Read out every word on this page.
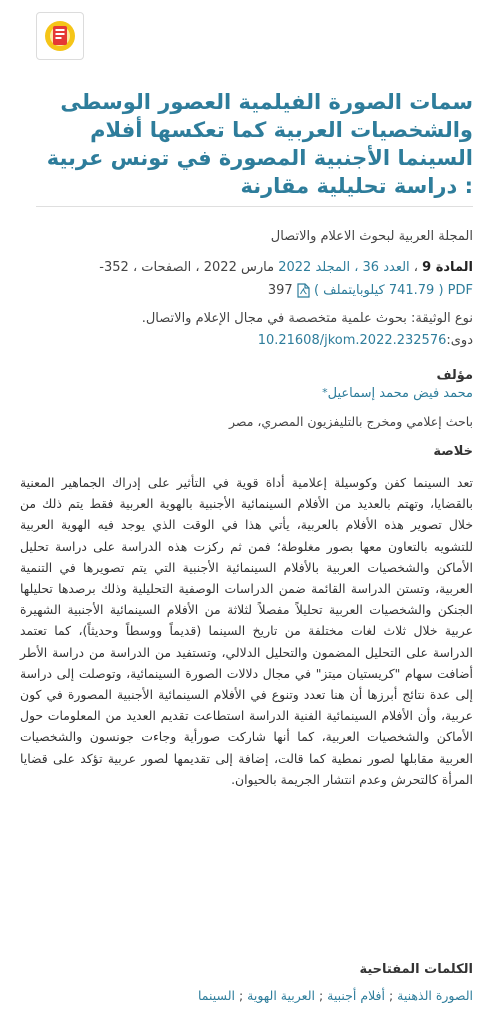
سمات الصورة الفيلمية العصور الوسطى والشخصيات العربية كما تعكسها أفلام السينما الأجنبية المصورة في تونس عربية : دراسة تحليلية مقارنة
المجلة العربية لبحوث الاعلام والاتصال
المادة 9 ، العدد 36 ، المجلد 2022 مارس 2022 ، الصفحات ، 352-
PDF ( 741.79 كيلوبايتملف )  397
نوع الوثيقة: بحوث علمية متخصصة في مجال الإعلام والاتصال.
دوى:10.21608/jkom.2022.232576
مؤلف
محمد فيض محمد إسماعيل*
باحث إعلامي ومخرج بالتليفزيون المصري، مصر
خلاصة

تعد السينما كفن وكوسيلة إعلامية أداة قوية في التأثير على إدراك الجماهير المعنية بالقضايا، وتهتم بالعديد من الأفلام السينمائية الأجنبية بالهوية العربية فقط يتم ذلك من خلال تصوير هذه الأفلام بالعربية، يأتي هذا في الوقت الذي يوجد فيه الهوية العربية للتشويه بالتعاون معها بصور مغلوطة؛ فمن ثم ركزت هذه الدراسة على دراسة تحليل الأماكن والشخصيات العربية بالأفلام السينمائية الأجنبية التي يتم تصويرها في التنمية العربية، وتستن الدراسة القائمة ضمن الدراسات الوصفية التحليلية وذلك برصدها تحليلها الجنكن والشخصيات العربية تحليلاً مفصلاً لثلاثة من الأفلام السينمائية الأجنبية الشهيرة عربية خلال ثلاث لغات مختلفة من تاريخ السينما (قديماً ووسطاً وحديثاً)، كما تعتمد الدراسة على التحليل المضمون والتحليل الدلالي، وتستفيد من الدراسة من دراسة الأطر أضافت سهام "كريستيان ميتز" في مجال دلالات الصورة السينمائية، وتوصلت إلى دراسة إلى عدة نتائج أبرزها أن هنا تعدد وتنوع في الأفلام السينمائية الأجنبية المصورة في كون عربية، وأن الأفلام السينمائية الفنية الدراسة استطاعت تقديم العديد من المعلومات حول الأماكن والشخصيات العربية، كما أنها شاركت صورأية وجاءت جونسون والشخصيات العربية مقابلها لصور نمطية كما قالت، إضافة إلى تقديمها لصور عربية تؤكد على قضايا المرأة كالتحرش وعدم انتشار الجريمة بالحيوان.

الكلمات المفتاحية
الصورة الذهنية ; أفلام أجنبية ; العربية الهوية ; السينما
